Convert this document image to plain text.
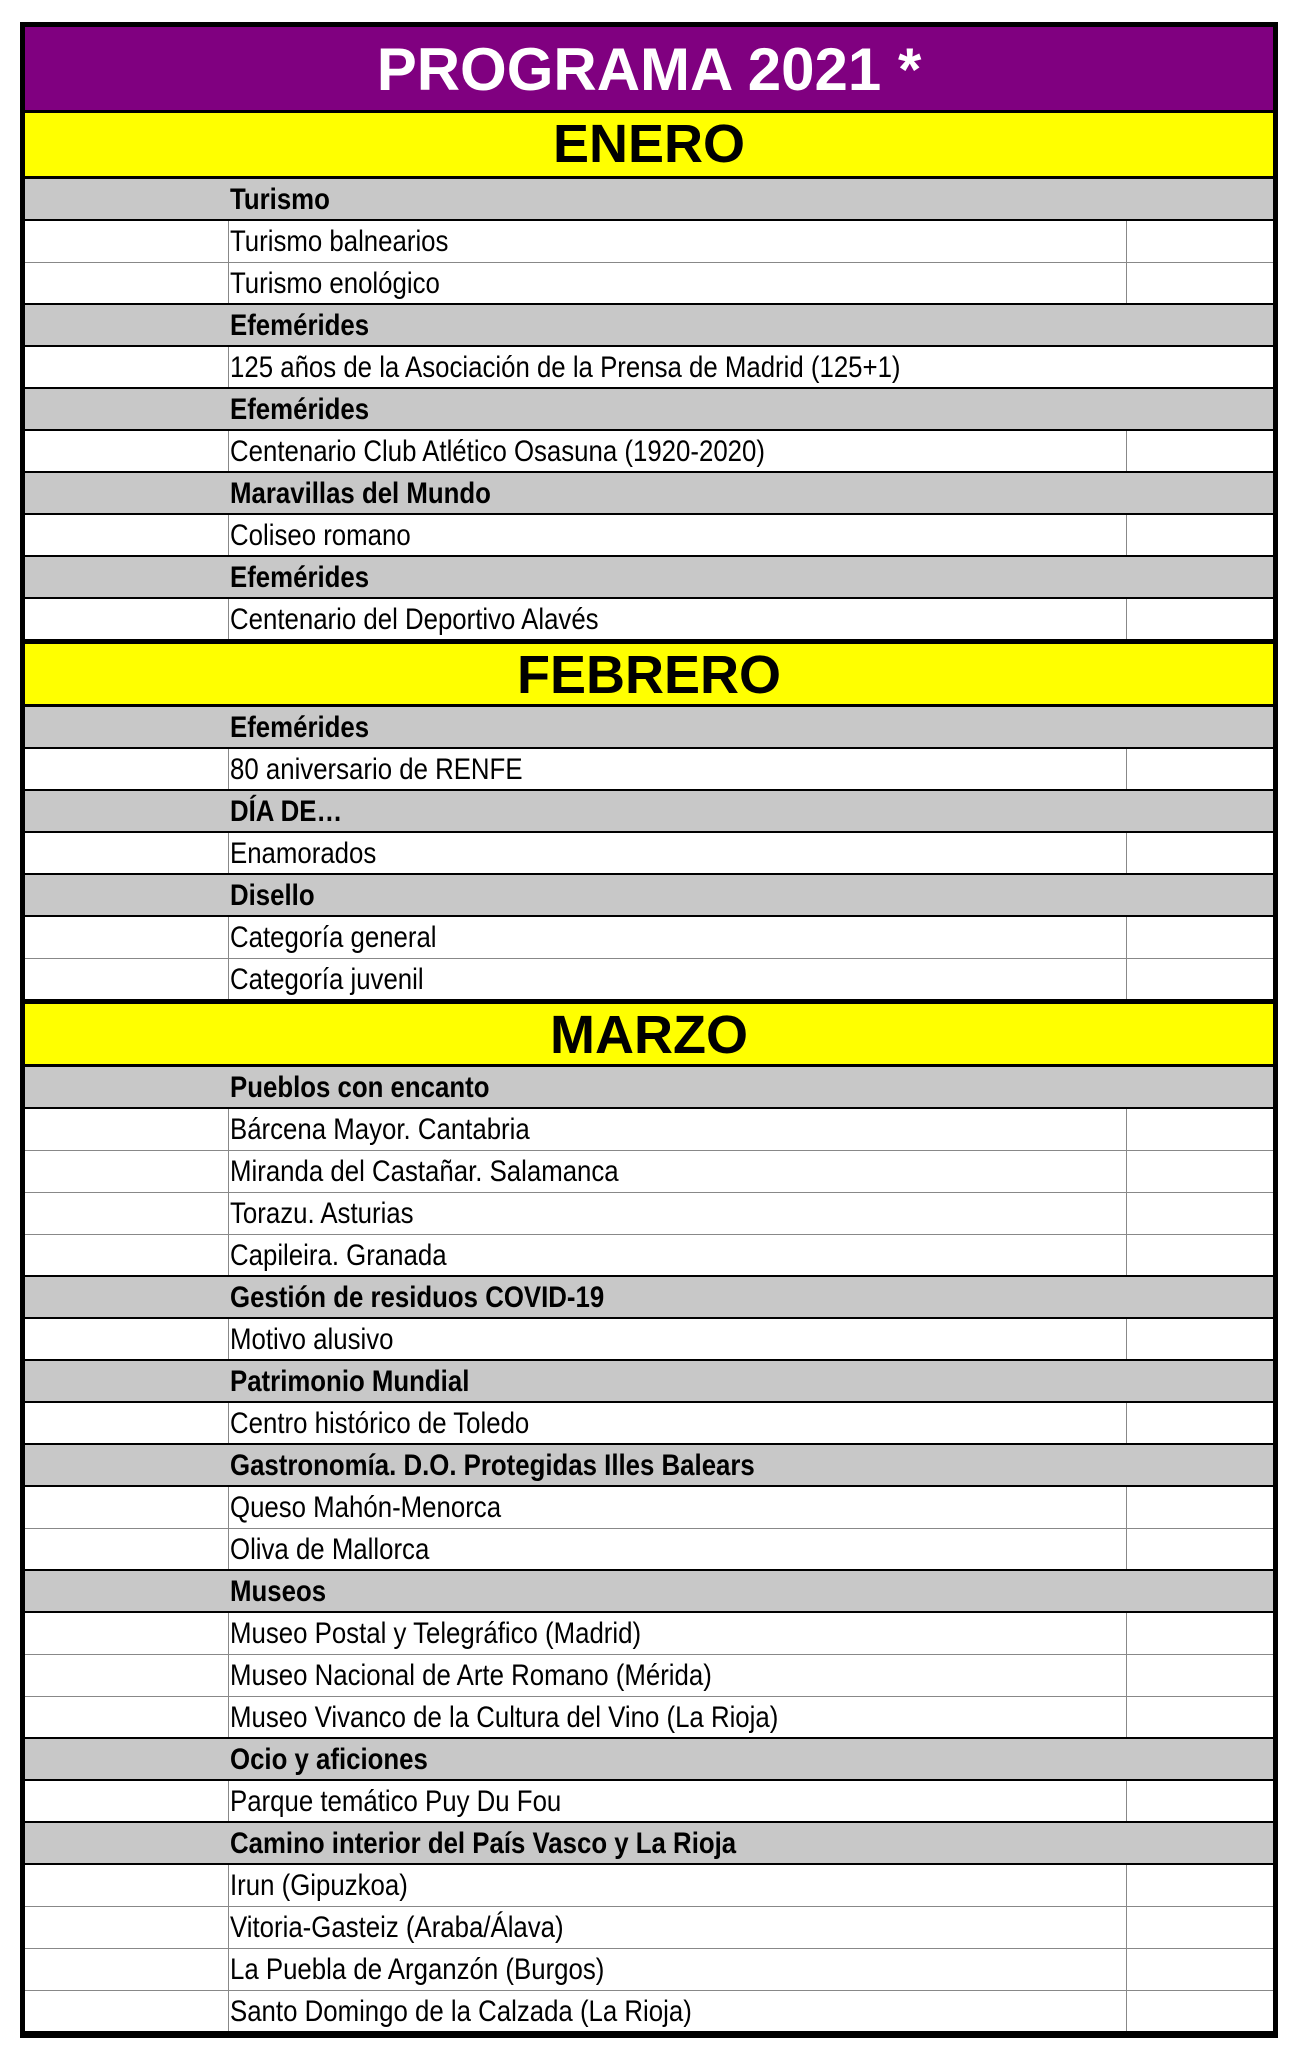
PROGRAMA 2021 *
ENERO
Turismo
Turismo balnearios
Turismo enológico
Efemérides
125 años de la Asociación de la Prensa de Madrid (125+1)
Efemérides
Centenario Club Atlético Osasuna (1920-2020)
Maravillas del Mundo
Coliseo romano
Efemérides
Centenario del Deportivo Alavés
FEBRERO
Efemérides
80 aniversario de RENFE
DÍA DE…
Enamorados
Disello
Categoría general
Categoría juvenil
MARZO
Pueblos con encanto
Bárcena Mayor. Cantabria
Miranda del Castañar. Salamanca
Torazu. Asturias
Capileira. Granada
Gestión de residuos COVID-19
Motivo alusivo
Patrimonio Mundial
Centro histórico de Toledo
Gastronomía. D.O. Protegidas Illes Balears
Queso Mahón-Menorca
Oliva de Mallorca
Museos
Museo Postal y Telegráfico (Madrid)
Museo Nacional de Arte Romano (Mérida)
Museo Vivanco de la Cultura del Vino (La Rioja)
Ocio y aficiones
Parque temático Puy Du Fou
Camino interior del País Vasco y La Rioja
Irun (Gipuzkoa)
Vitoria-Gasteiz (Araba/Álava)
La Puebla de Arganzón (Burgos)
Santo Domingo de la Calzada (La Rioja)
